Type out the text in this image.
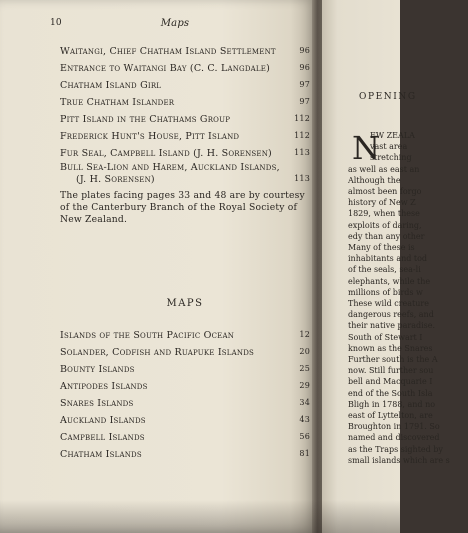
10	Maps
Waitangi, Chief Chatham Island Settlement	96
Entrance to Waitangi Bay (C. C. Langdale)	96
Chatham Island Girl	97
True Chatham Islander	97
Pitt Island in the Chathams Group	112
Frederick Hunt's House, Pitt Island	112
Fur Seal, Campbell Island (J. H. Sorensen)	113
Bull Sea-Lion and Harem, Auckland Islands,
(J. H. Sorensen)	113
The plates facing pages 33 and 48 are by courtesy of the Canterbury Branch of the Royal Society of New Zealand.
MAPS
Islands of the South Pacific Ocean	12
Solander, Codfish and Ruapuke Islands	20
Bounty Islands	25
Antipodes Islands	29
Snares Islands	34
Auckland Islands	43
Campbell Islands	56
Chatham Islands	81
OPENING
N
EW ZEALA
vast area
stretching
as well as east an
Although the
almost been forgo
history of New Z
1829, when these
exploits of daring,
edy than any other
Many of these is
inhabitants and tod
of the seals, sea-li
elephants, while the
millions of birds w
These wild creature
dangerous reefs, and
their native paradise.
South of Stewart I
known as the Snares
Further south is the A
now. Still further sou
bell and Macquarie I
end of the South Isla
Bligh in 1788, and no
east of Lyttelton, are
Broughton in 1791. So
named and discovered
as the Traps sighted by
small islands which are s
